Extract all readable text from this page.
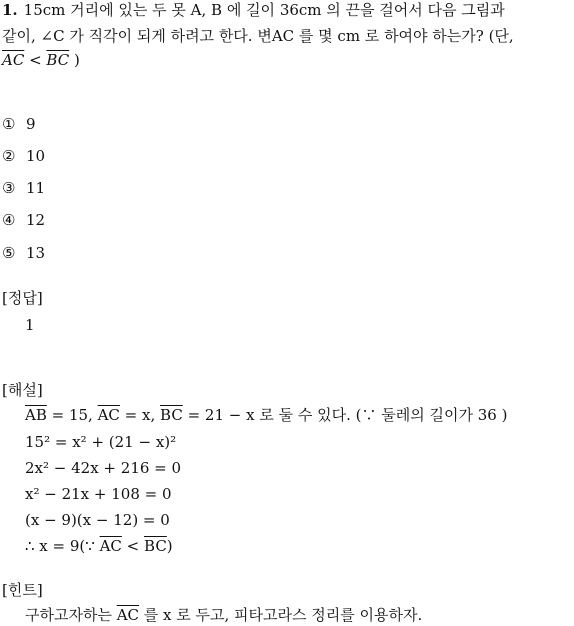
1. 15cm 거리에 있는 두 못 A, B 에 길이 36cm 의 끈을 걸어서 다음 그림과
같이, ∠C 가 직각이 되게 하려고 한다. 변AC 를 몇 cm 로 하여야 하는가? (단,
$\overline{AC} < \overline{BC}$ )
① 9
② 10
③ 11
④ 12
⑤ 13
[정답]
1
[해설]
$\overline{AB} = 15$, $\overline{AC} = x$, $\overline{BC} = 21 - x$ 로 둘 수 있다. (∵ 둘레의 길이가 36 )
15² = x² + (21 − x)²
2x² − 42x + 216 = 0
x² − 21x + 108 = 0
(x − 9)(x − 12) = 0
∴ x = 9(∵ $\overline{AC} < \overline{BC}$)
[힌트]
구하고자하는 $\overline{AC}$ 를 x 로 두고, 피타고라스 정리를 이용하자.
